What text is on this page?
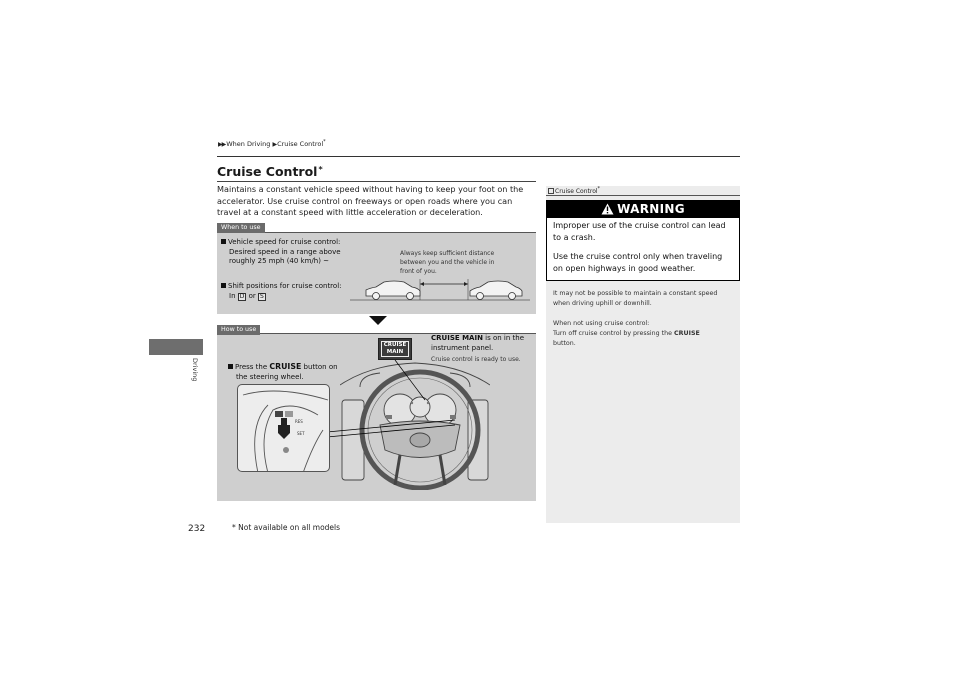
▶▶When Driving ▶Cruise Control*
Cruise Control*
Maintains a constant vehicle speed without having to keep your foot on the accelerator. Use cruise control on freeways or open roads where you can travel at a constant speed with little acceleration or deceleration.
When to use
Vehicle speed for cruise control:
Desired speed in a range above
roughly 25 mph (40 km/h) ~
Shift positions for cruise control:
In D or S
Always keep sufficient distance
between you and the vehicle in
front of you.
How to use
Press the CRUISE button on
the steering wheel.
CRUISE MAIN is on in the
instrument panel.
Cruise control is ready to use.
CRUISE
MAIN
RES
SET
Driving
Cruise Control*
WARNING
Improper use of the cruise control can lead
to a crash.
Use the cruise control only when traveling
on open highways in good weather.
It may not be possible to maintain a constant speed
when driving uphill or downhill.
When not using cruise control:
Turn off cruise control by pressing the CRUISE
button.
232	* Not available on all models
